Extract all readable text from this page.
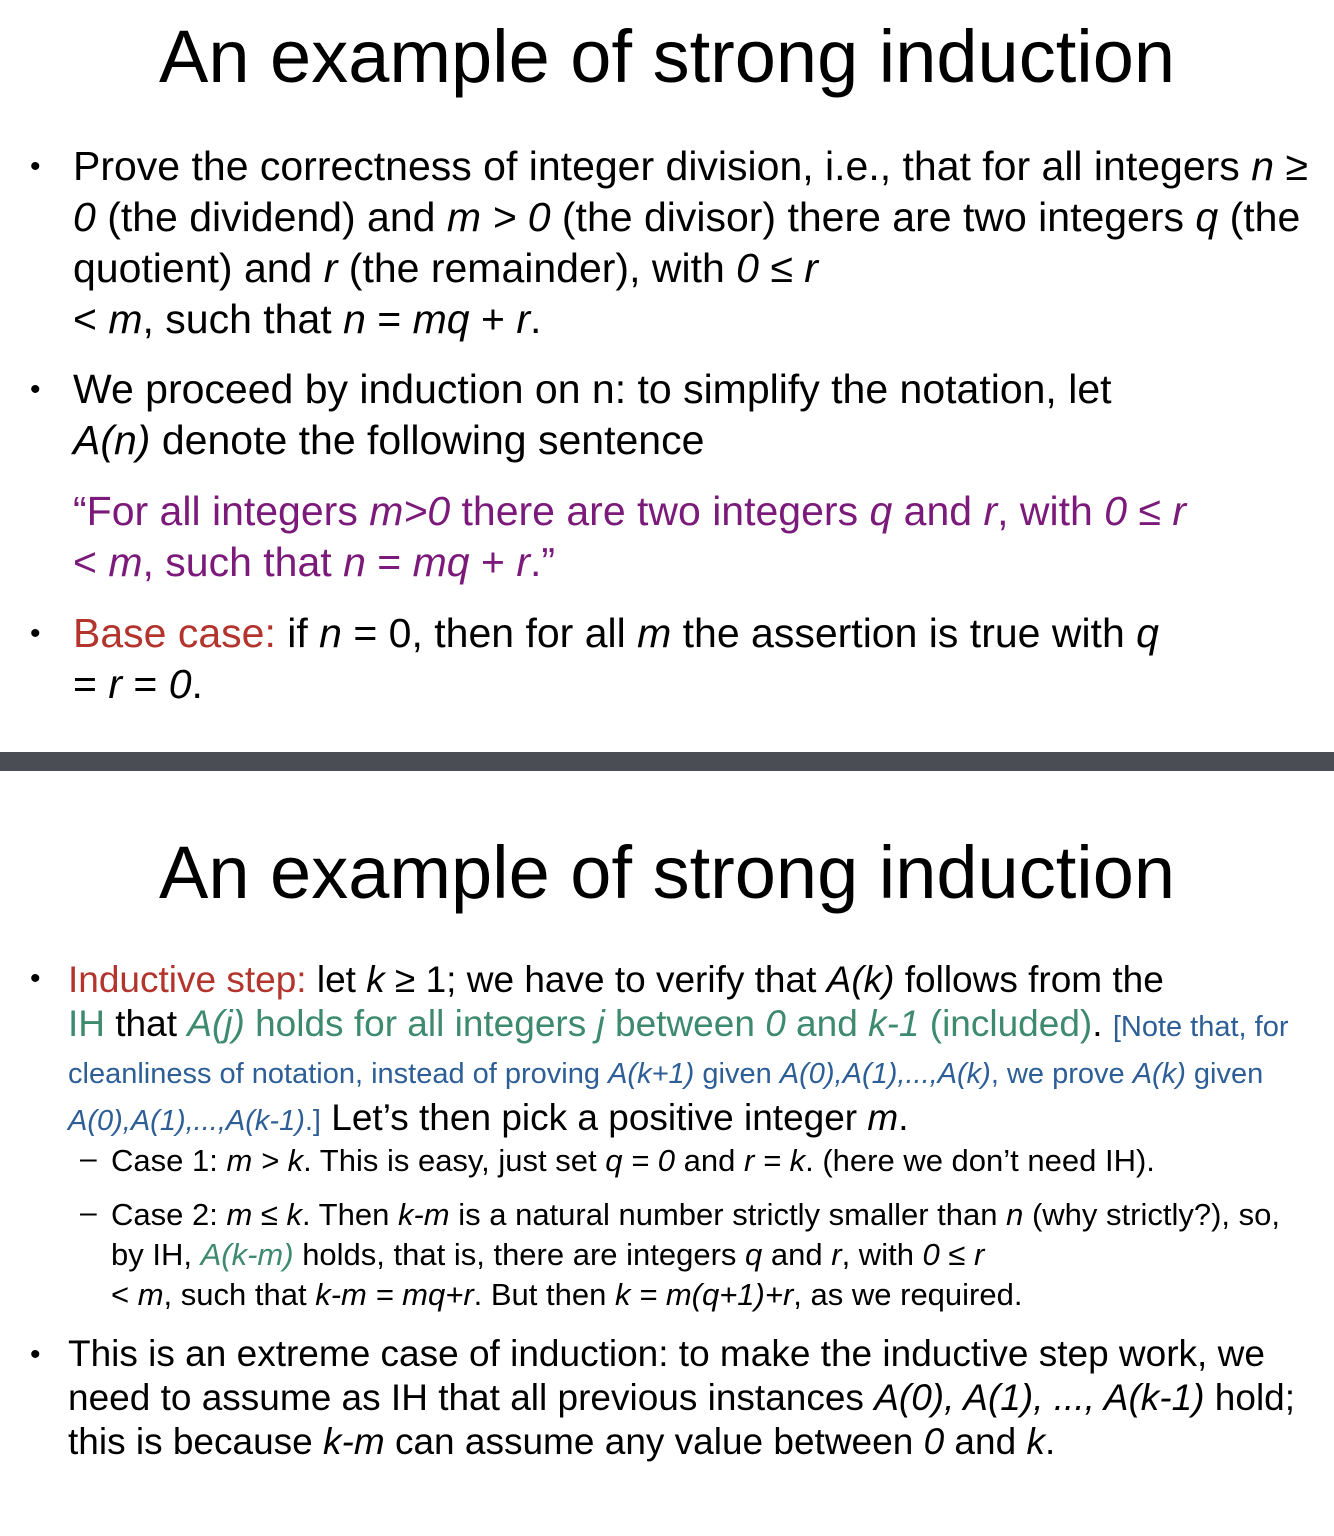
An example of strong induction
• Prove the correctness of integer division, i.e., that for all integers n ≥ 0 (the dividend) and m > 0 (the divisor) there are two integers q (the quotient) and r (the remainder), with 0 ≤ r
< m, such that n = mq + r.
• We proceed by induction on n: to simplify the notation, let
A(n) denote the following sentence
“For all integers m>0 there are two integers q and r, with 0 ≤ r
< m, such that n = mq + r.”
• Base case: if n = 0, then for all m the assertion is true with q
= r = 0.
An example of strong induction
• Inductive step: let k ≥ 1; we have to verify that A(k) follows from the
IH that A(j) holds for all integers j between 0 and k-1 (included). [Note that, for cleanliness of notation, instead of proving A(k+1) given A(0),A(1),...,A(k), we prove A(k) given A(0),A(1),...,A(k-1).] Let’s then pick a positive integer m.
– Case 1: m > k. This is easy, just set q = 0 and r = k. (here we don’t need IH).
– Case 2: m ≤ k. Then k-m is a natural number strictly smaller than n (why strictly?), so, by IH, A(k-m) holds, that is, there are integers q and r, with 0 ≤ r
< m, such that k-m = mq+r. But then k = m(q+1)+r, as we required.
• This is an extreme case of induction: to make the inductive step work, we need to assume as IH that all previous instances A(0), A(1), ..., A(k-1) hold; this is because k-m can assume any value between 0 and k.
